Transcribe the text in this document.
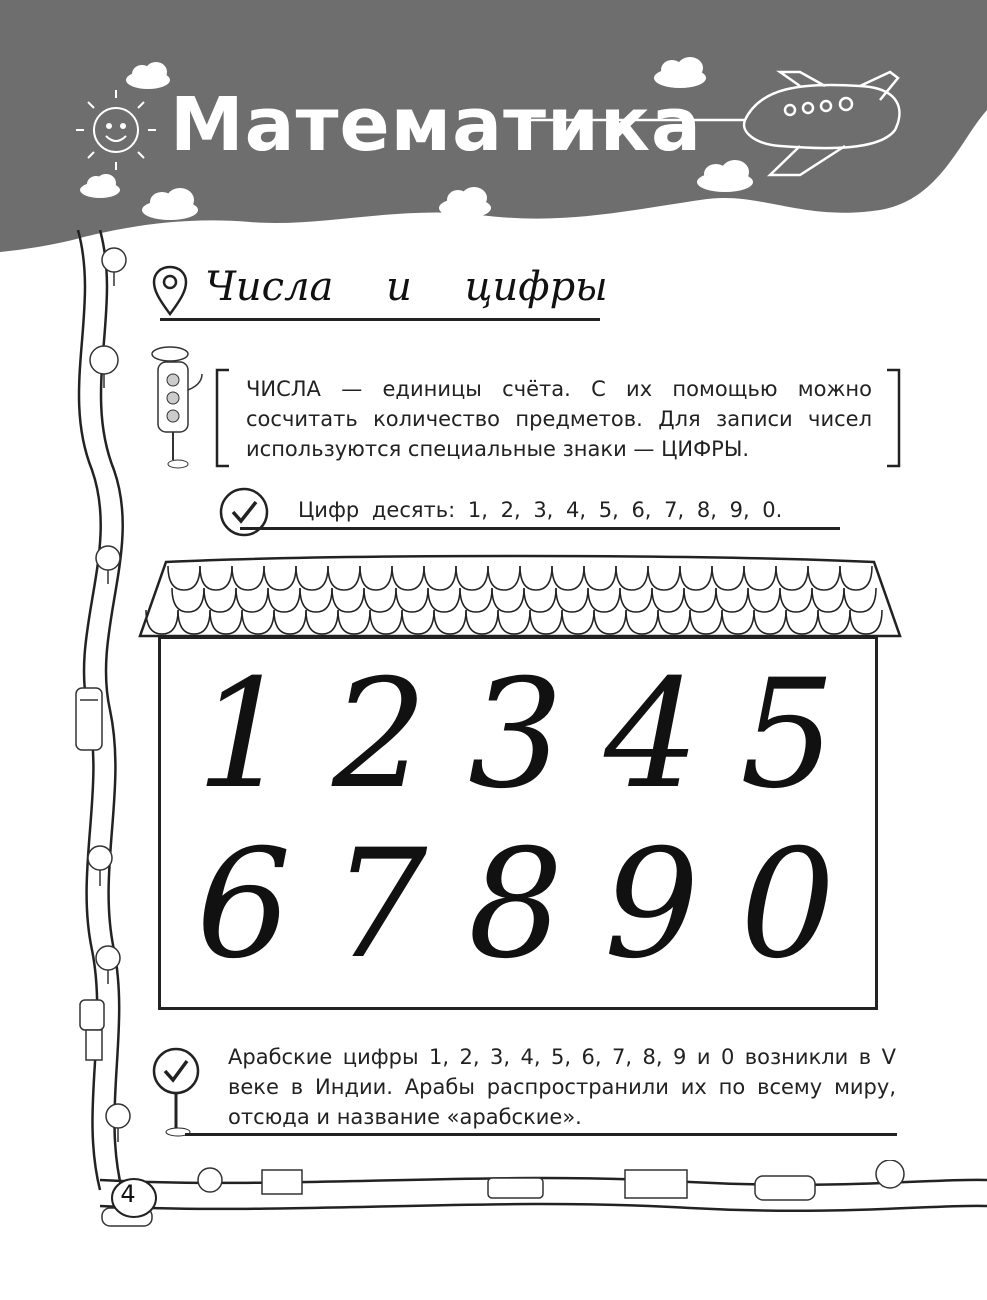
Математика
Числа и цифры
ЧИСЛА — единицы счёта. С их помощью можно сосчитать количество предметов. Для записи чисел используются специальные знаки — ЦИФРЫ.
Цифр десять: 1, 2, 3, 4, 5, 6, 7, 8, 9, 0.
1 2 3 4 5
6 7 8 9 0
Арабские цифры 1, 2, 3, 4, 5, 6, 7, 8, 9 и 0 возникли в V веке в Индии. Арабы распространили их по всему миру, отсюда и название «арабские».
4
